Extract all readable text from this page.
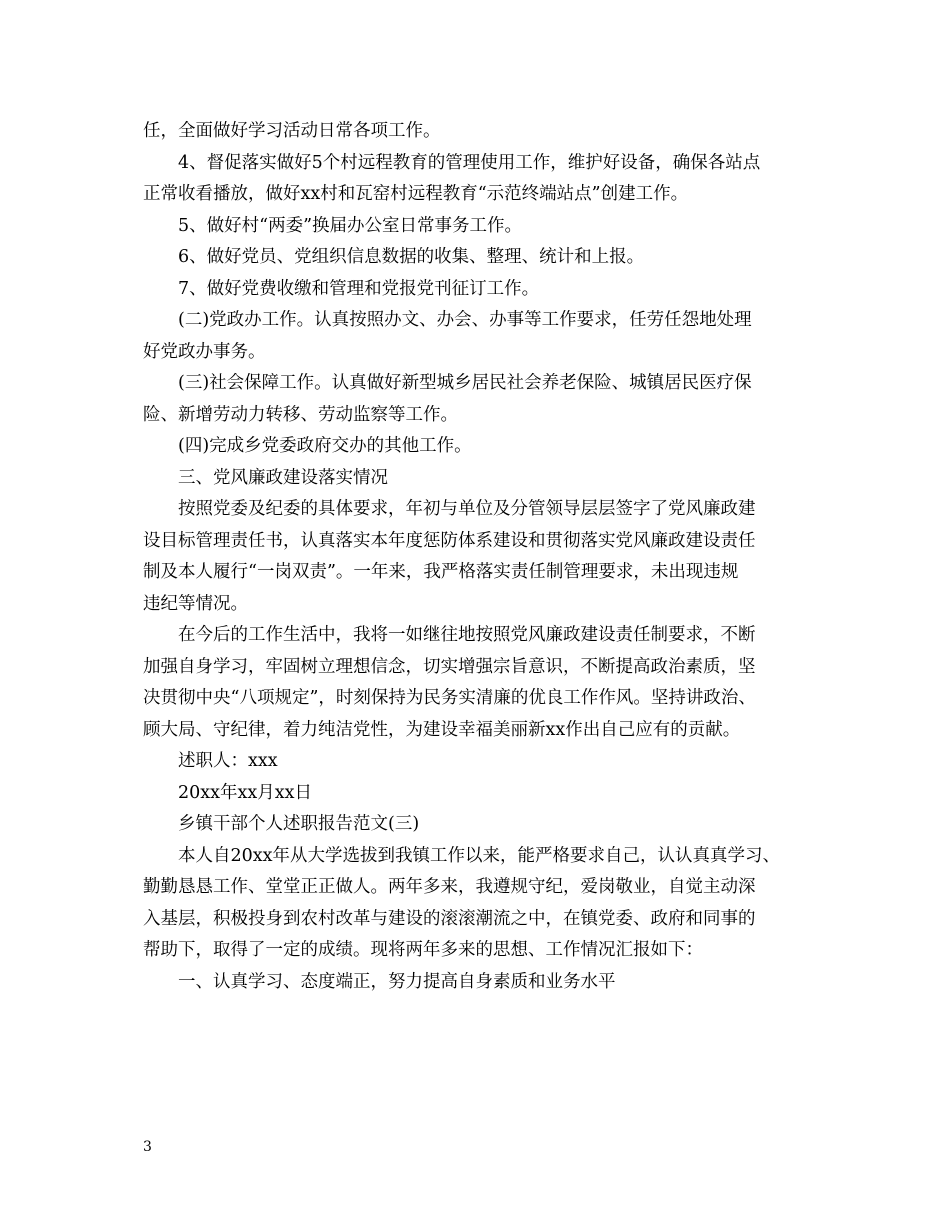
任，全面做好学习活动日常各项工作。
4、督促落实做好5个村远程教育的管理使用工作，维护好设备，确保各站点
正常收看播放，做好xx村和瓦窑村远程教育“示范终端站点”创建工作。
5、做好村“两委”换届办公室日常事务工作。
6、做好党员、党组织信息数据的收集、整理、统计和上报。
7、做好党费收缴和管理和党报党刊征订工作。
(二)党政办工作。认真按照办文、办会、办事等工作要求，任劳任怨地处理
好党政办事务。
(三)社会保障工作。认真做好新型城乡居民社会养老保险、城镇居民医疗保
险、新增劳动力转移、劳动监察等工作。
(四)完成乡党委政府交办的其他工作。
三、党风廉政建设落实情况
按照党委及纪委的具体要求，年初与单位及分管领导层层签字了党风廉政建
设目标管理责任书，认真落实本年度惩防体系建设和贯彻落实党风廉政建设责任
制及本人履行“一岗双责”。一年来，我严格落实责任制管理要求，未出现违规
违纪等情况。
在今后的工作生活中，我将一如继往地按照党风廉政建设责任制要求，不断
加强自身学习，牢固树立理想信念，切实增强宗旨意识，不断提高政治素质，坚
决贯彻中央“八项规定”，时刻保持为民务实清廉的优良工作作风。坚持讲政治、
顾大局、守纪律，着力纯洁党性，为建设幸福美丽新xx作出自己应有的贡献。
述职人：xxx
20xx年xx月xx日
乡镇干部个人述职报告范文(三)
本人自20xx年从大学选拔到我镇工作以来，能严格要求自己，认认真真学习、
勤勤恳恳工作、堂堂正正做人。两年多来，我遵规守纪，爱岗敬业，自觉主动深
入基层，积极投身到农村改革与建设的滚滚潮流之中，在镇党委、政府和同事的
帮助下，取得了一定的成绩。现将两年多来的思想、工作情况汇报如下：
一、认真学习、态度端正，努力提高自身素质和业务水平
3
